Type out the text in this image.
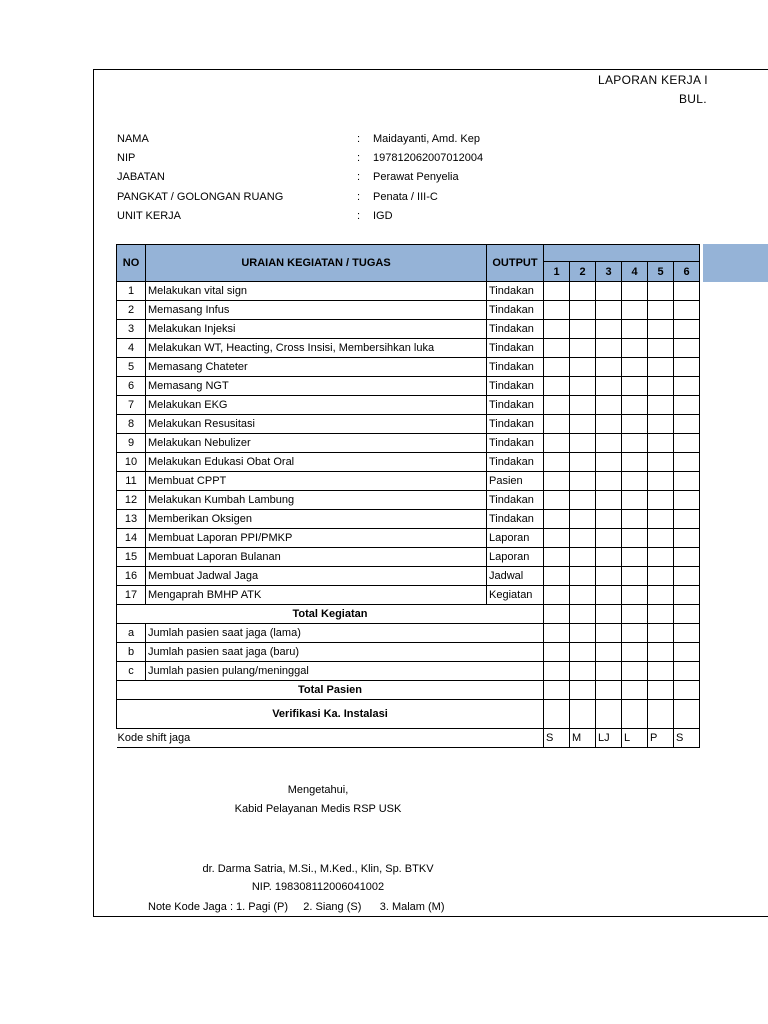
LAPORAN KERJA I
BUL.
NAMA	: Maidayanti, Amd. Kep
NIP	: 197812062007012004
JABATAN	: Perawat Penyelia
PANGKAT / GOLONGAN RUANG	: Penata / III-C
UNIT KERJA	: IGD
NO	URAIAN KEGIATAN / TUGAS	OUTPUT						
			1	2	3	4	5	6
1	Melakukan vital sign	Tindakan						
2	Memasang Infus	Tindakan						
3	Melakukan Injeksi	Tindakan						
4	Melakukan WT, Heacting, Cross Insisi, Membersihkan luka	Tindakan						
5	Memasang Chateter	Tindakan						
6	Memasang NGT	Tindakan						
7	Melakukan EKG	Tindakan						
8	Melakukan Resusitasi	Tindakan						
9	Melakukan Nebulizer	Tindakan						
10	Melakukan Edukasi Obat Oral	Tindakan						
11	Membuat CPPT	Pasien						
12	Melakukan Kumbah Lambung	Tindakan						
13	Memberikan Oksigen	Tindakan						
14	Membuat Laporan PPI/PMKP	Laporan						
15	Membuat Laporan Bulanan	Laporan						
16	Membuat Jadwal Jaga	Jadwal						
17	Mengaprah BMHP ATK	Kegiatan						
Total Kegiatan								
a	Jumlah pasien saat jaga (lama)							
b	Jumlah pasien saat jaga (baru)							
c	Jumlah pasien pulang/meninggal							
Total Pasien								
Verifikasi Ka. Instalasi								
Kode shift jaga			S	M	LJ	L	P	S
Mengetahui,
Kabid Pelayanan Medis RSP USK
dr. Darma Satria, M.Si., M.Ked., Klin, Sp. BTKV
NIP. 198308112006041002
Note Kode Jaga : 1. Pagi (P)     2. Siang (S)      3. Malam (M)
